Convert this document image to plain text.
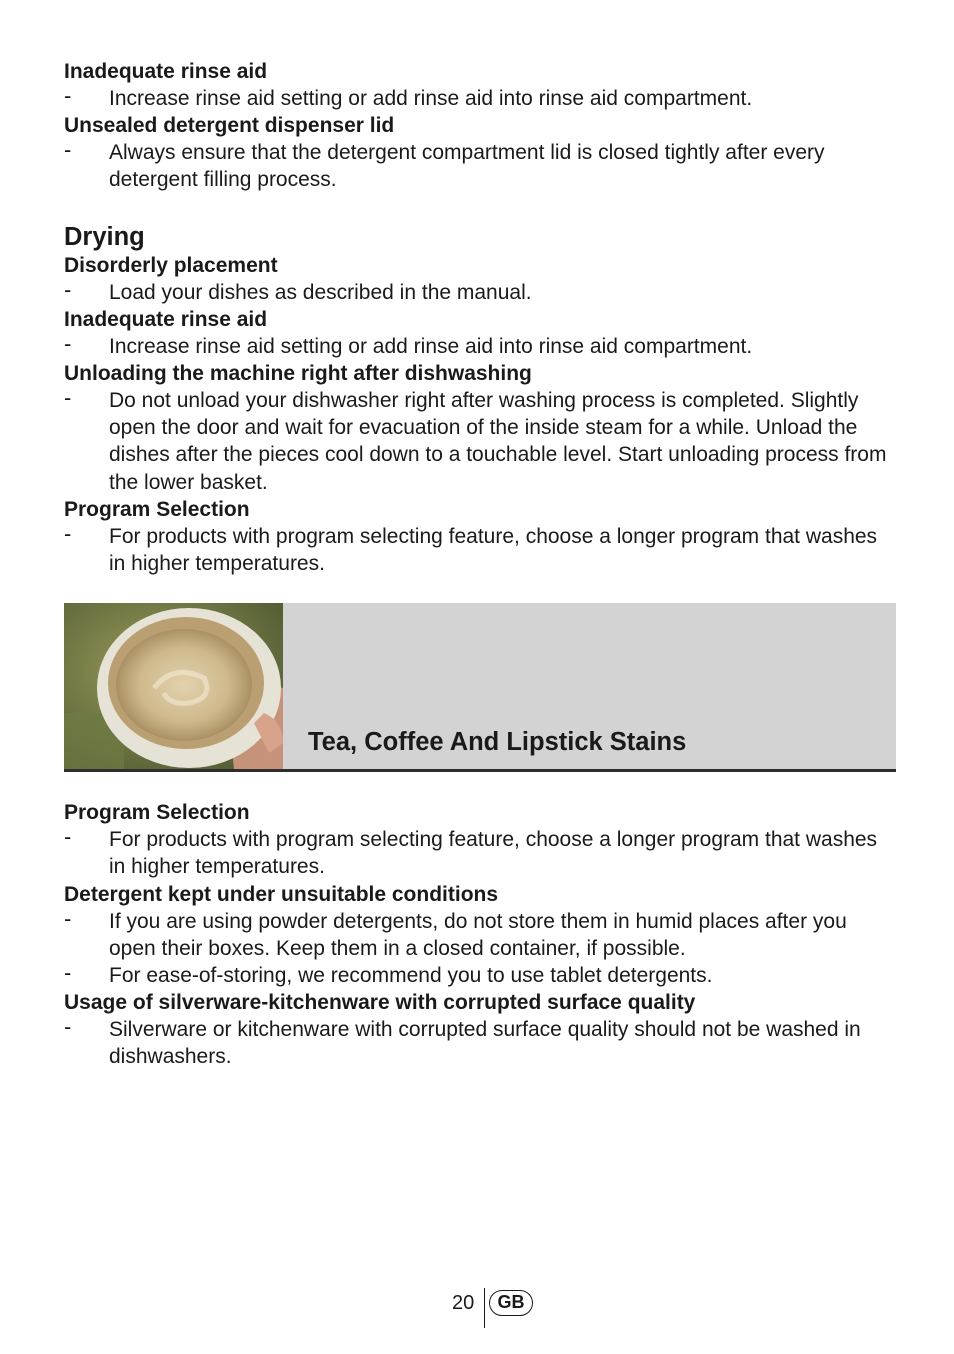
Inadequate rinse aid

- Increase rinse aid setting or add rinse aid into rinse aid compartment.

Unsealed detergent dispenser lid

- Always ensure that the detergent compartment lid is closed tightly after every detergent filling process.

Drying

Disorderly placement

- Load your dishes as described in the manual.

Inadequate rinse aid

- Increase rinse aid setting or add rinse aid into rinse aid compartment.

Unloading the machine right after dishwashing

- Do not unload your dishwasher right after washing process is completed. Slightly open the door and wait for evacuation of the inside steam for a while. Unload the dishes after the pieces cool down to a touchable level. Start unloading process from the lower basket.

Program Selection

- For products with program selecting feature, choose a longer program that washes in higher temperatures.

Tea, Coffee And Lipstick Stains

Program Selection

- For products with program selecting feature, choose a longer program that washes in higher temperatures.

Detergent kept under unsuitable conditions

- If you are using powder detergents, do not store them in humid places after you open their boxes. Keep them in a closed container, if possible.

- For ease-of-storing, we recommend you to use tablet detergents.

Usage of silverware-kitchenware with corrupted surface quality

- Silverware or kitchenware with corrupted surface quality should not be washed in dishwashers.

20	GB
